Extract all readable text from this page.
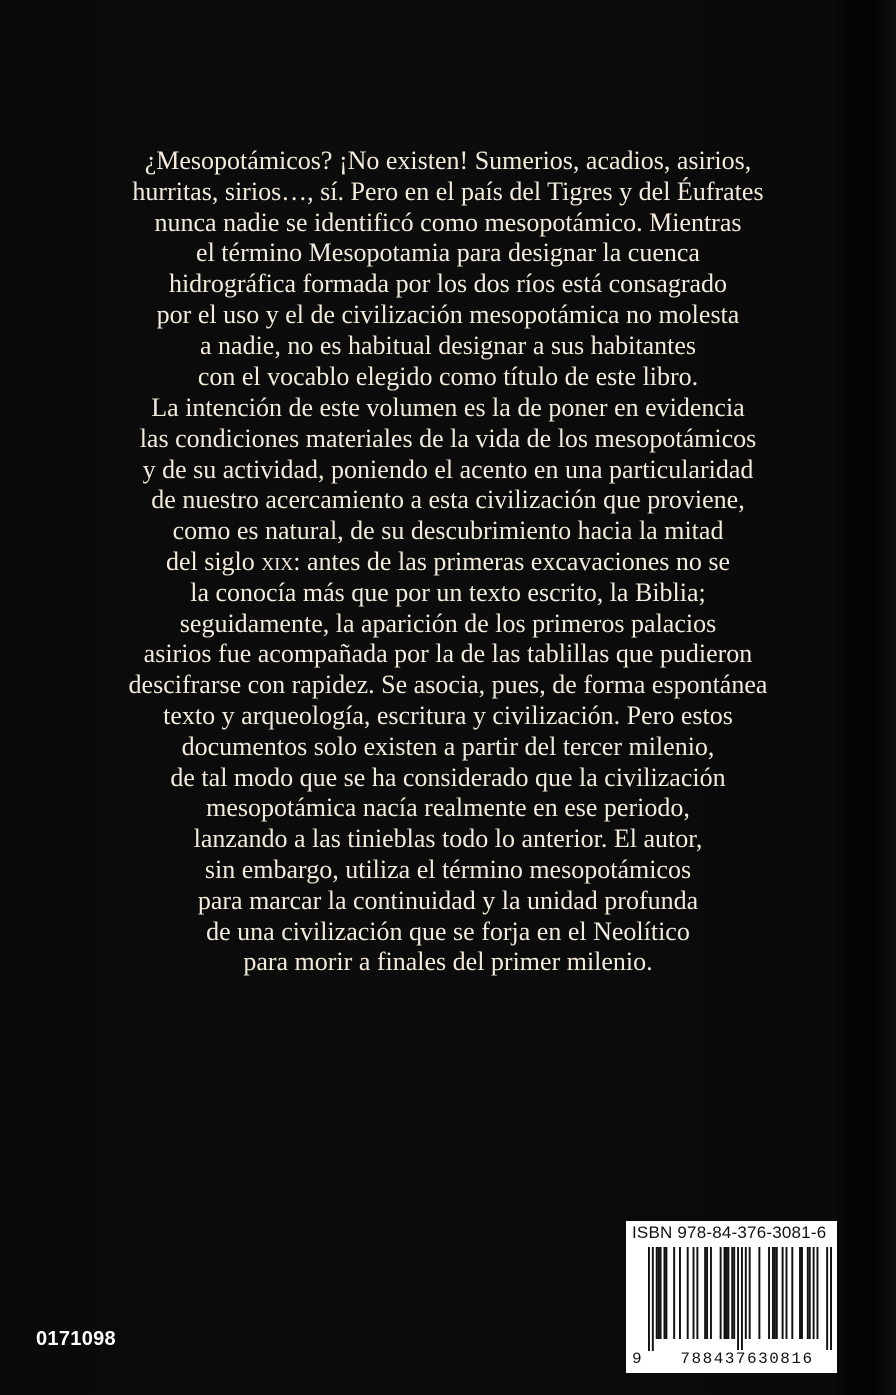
¿Mesopotámicos? ¡No existen! Sumerios, acadios, asirios,
hurritas, sirios…, sí. Pero en el país del Tigres y del Éufrates
nunca nadie se identificó como mesopotámico. Mientras
el término Mesopotamia para designar la cuenca
hidrográfica formada por los dos ríos está consagrado
por el uso y el de civilización mesopotámica no molesta
a nadie, no es habitual designar a sus habitantes
con el vocablo elegido como título de este libro.
La intención de este volumen es la de poner en evidencia
las condiciones materiales de la vida de los mesopotámicos
y de su actividad, poniendo el acento en una particularidad
de nuestro acercamiento a esta civilización que proviene,
como es natural, de su descubrimiento hacia la mitad
del siglo xix: antes de las primeras excavaciones no se
la conocía más que por un texto escrito, la Biblia;
seguidamente, la aparición de los primeros palacios
asirios fue acompañada por la de las tablillas que pudieron
descifrarse con rapidez. Se asocia, pues, de forma espontánea
texto y arqueología, escritura y civilización. Pero estos
documentos solo existen a partir del tercer milenio,
de tal modo que se ha considerado que la civilización
mesopotámica nacía realmente en ese periodo,
lanzando a las tinieblas todo lo anterior. El autor,
sin embargo, utiliza el término mesopotámicos
para marcar la continuidad y la unidad profunda
de una civilización que se forja en el Neolítico
para morir a finales del primer milenio.
ISBN 978-84-376-3081-6
9	788437630816
0171098
